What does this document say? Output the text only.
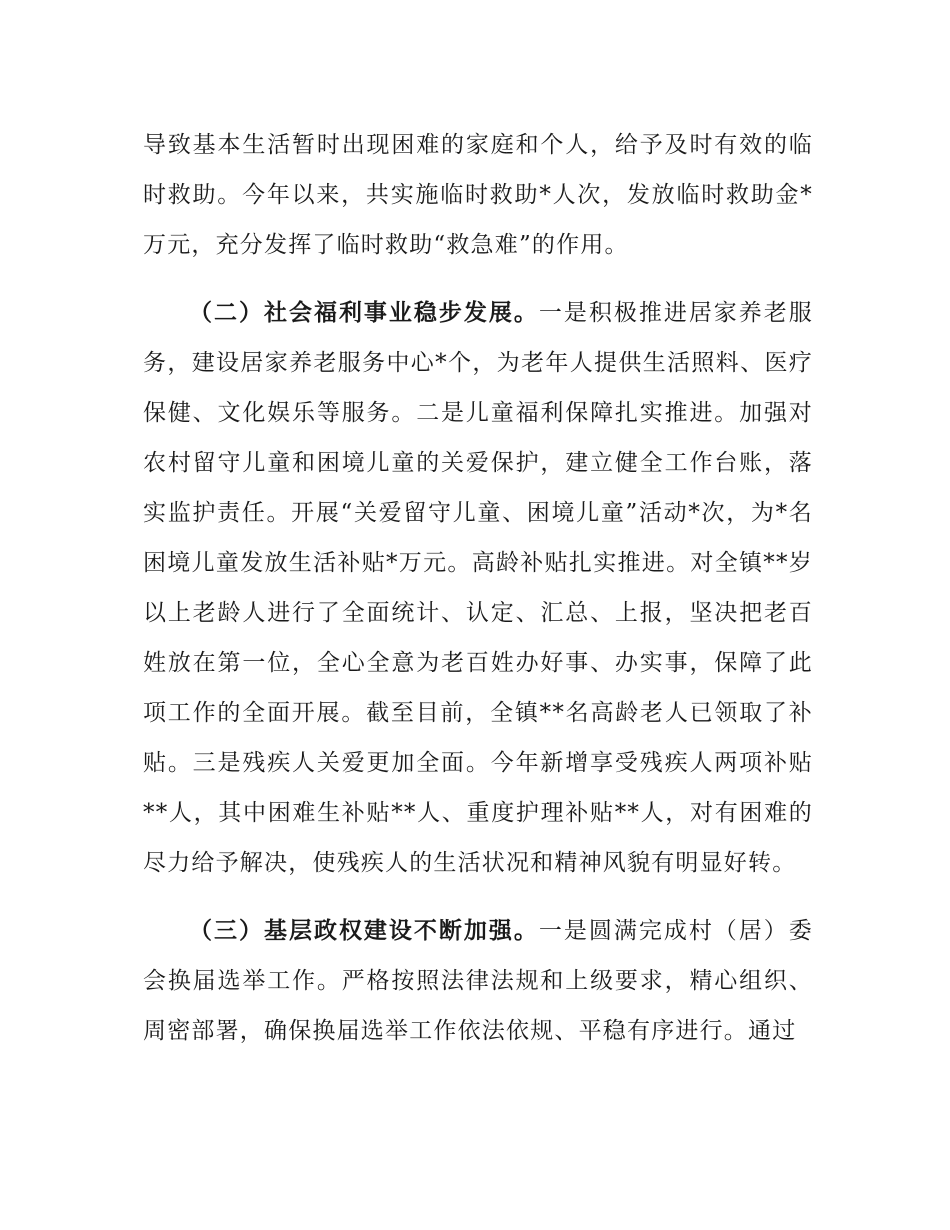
导致基本生活暂时出现困难的家庭和个人，给予及时有效的临时救助。今年以来，共实施临时救助*人次，发放临时救助金*万元，充分发挥了临时救助“救急难”的作用。

（二）社会福利事业稳步发展。一是积极推进居家养老服务，建设居家养老服务中心*个，为老年人提供生活照料、医疗保健、文化娱乐等服务。二是儿童福利保障扎实推进。加强对农村留守儿童和困境儿童的关爱保护，建立健全工作台账，落实监护责任。开展“关爱留守儿童、困境儿童”活动*次，为*名困境儿童发放生活补贴*万元。高龄补贴扎实推进。对全镇**岁以上老龄人进行了全面统计、认定、汇总、上报，坚决把老百姓放在第一位，全心全意为老百姓办好事、办实事，保障了此项工作的全面开展。截至目前，全镇**名高龄老人已领取了补贴。三是残疾人关爱更加全面。今年新增享受残疾人两项补贴**人，其中困难生补贴**人、重度护理补贴**人，对有困难的尽力给予解决，使残疾人的生活状况和精神风貌有明显好转。

（三）基层政权建设不断加强。一是圆满完成村（居）委会换届选举工作。严格按照法律法规和上级要求，精心组织、周密部署，确保换届选举工作依法依规、平稳有序进行。通过
